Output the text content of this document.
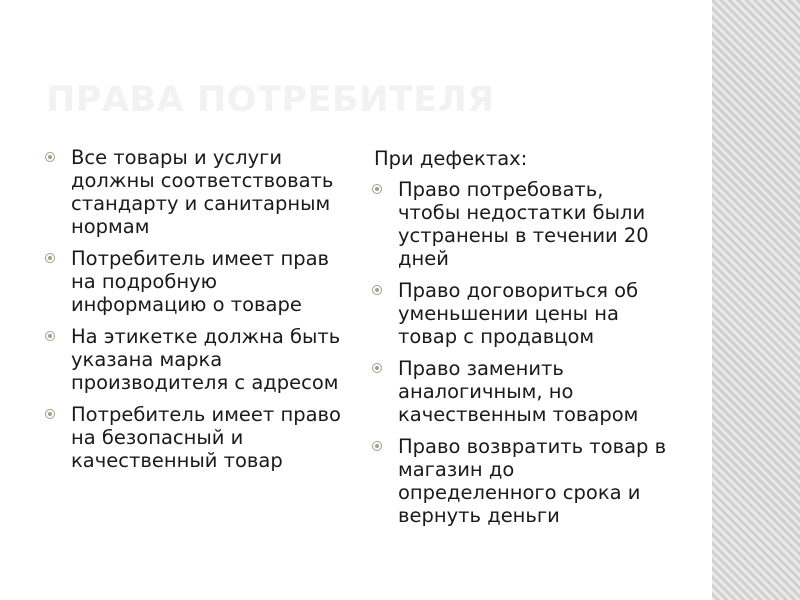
ПРАВА ПОТРЕБИТЕЛЯ
Все товары и услуги должны соответствовать стандарту и санитарным нормам
Потребитель имеет прав на подробную информацию о товаре
На этикетке должна быть указана марка производителя с адресом
Потребитель имеет право на безопасный и качественный товар

При дефектах:

Право потребовать, чтобы недостатки были устранены в течении 20 дней
Право договориться об уменьшении цены на товар с продавцом
Право заменить аналогичным, но качественным товаром
Право возвратить товар в магазин до определенного срока и вернуть деньги
